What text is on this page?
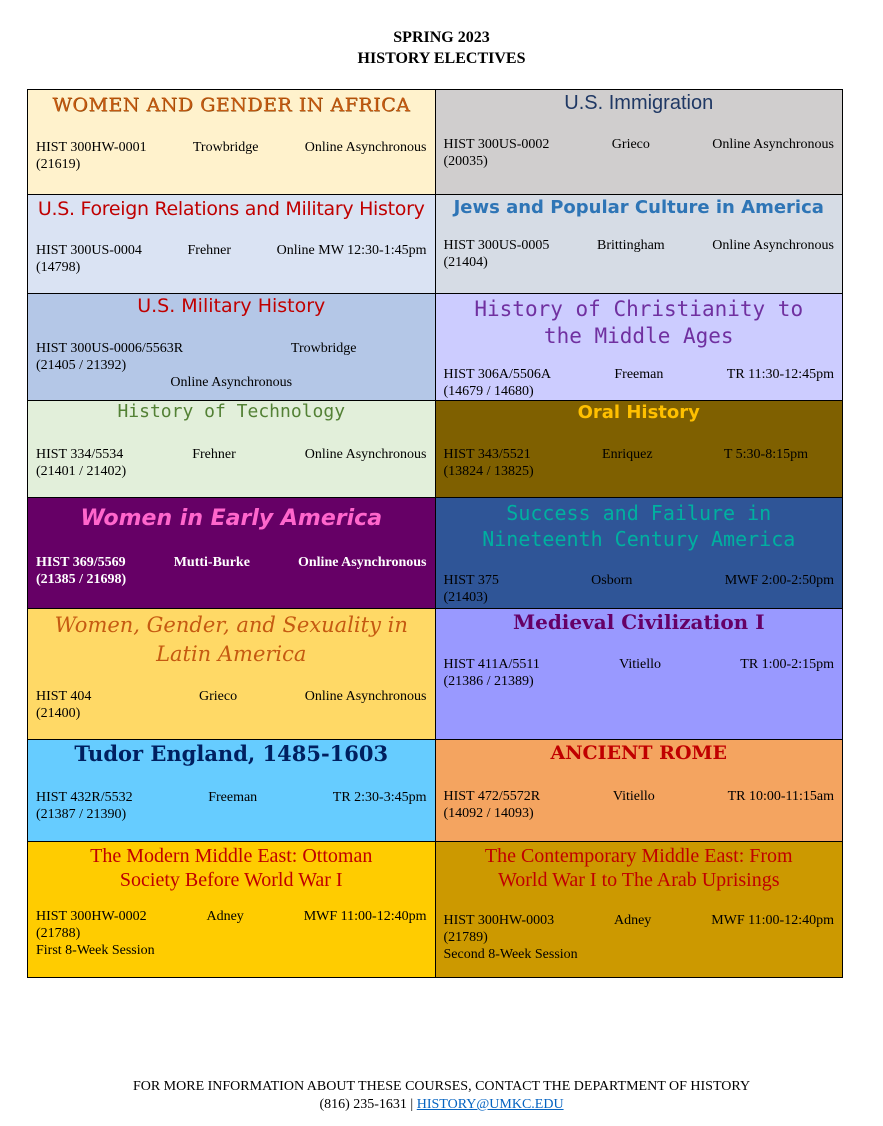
SPRING 2023
HISTORY ELECTIVES
WOMEN AND GENDER IN AFRICA
HIST 300HW-0001	Trowbridge	Online Asynchronous
(21619)
U.S. Immigration
HIST 300US-0002	Grieco	Online Asynchronous
(20035)
U.S. Foreign Relations and Military History
HIST 300US-0004	Frehner	Online MW 12:30-1:45pm
(14798)
Jews and Popular Culture in America
HIST 300US-0005	Brittingham	Online Asynchronous
(21404)
U.S. Military History
HIST 300US-0006/5563R	Trowbridge
(21405 / 21392)
Online Asynchronous
History of Christianity to the Middle Ages
HIST 306A/5506A	Freeman	TR 11:30-12:45pm
(14679 / 14680)
History of Technology
HIST 334/5534	Frehner	Online Asynchronous
(21401 / 21402)
Oral History
HIST 343/5521	Enriquez	T 5:30-8:15pm
(13824 / 13825)
Women in Early America
HIST 369/5569	Mutti-Burke	Online Asynchronous
(21385 / 21698)
Success and Failure in Nineteenth Century America
HIST 375	Osborn	MWF 2:00-2:50pm
(21403)
Women, Gender, and Sexuality in Latin America
HIST 404	Grieco	Online Asynchronous
(21400)
Medieval Civilization I
HIST 411A/5511	Vitiello	TR 1:00-2:15pm
(21386 / 21389)
Tudor England, 1485-1603
HIST 432R/5532	Freeman	TR 2:30-3:45pm
(21387 / 21390)
ANCIENT ROME
HIST 472/5572R	Vitiello	TR 10:00-11:15am
(14092 / 14093)
The Modern Middle East: Ottoman Society Before World War I
HIST 300HW-0002	Adney	MWF 11:00-12:40pm
(21788)
First 8-Week Session
The Contemporary Middle East: From World War I to The Arab Uprisings
HIST 300HW-0003	Adney	MWF 11:00-12:40pm
(21789)
Second 8-Week Session
FOR MORE INFORMATION ABOUT THESE COURSES, CONTACT THE DEPARTMENT OF HISTORY
(816) 235-1631 | HISTORY@UMKC.EDU
